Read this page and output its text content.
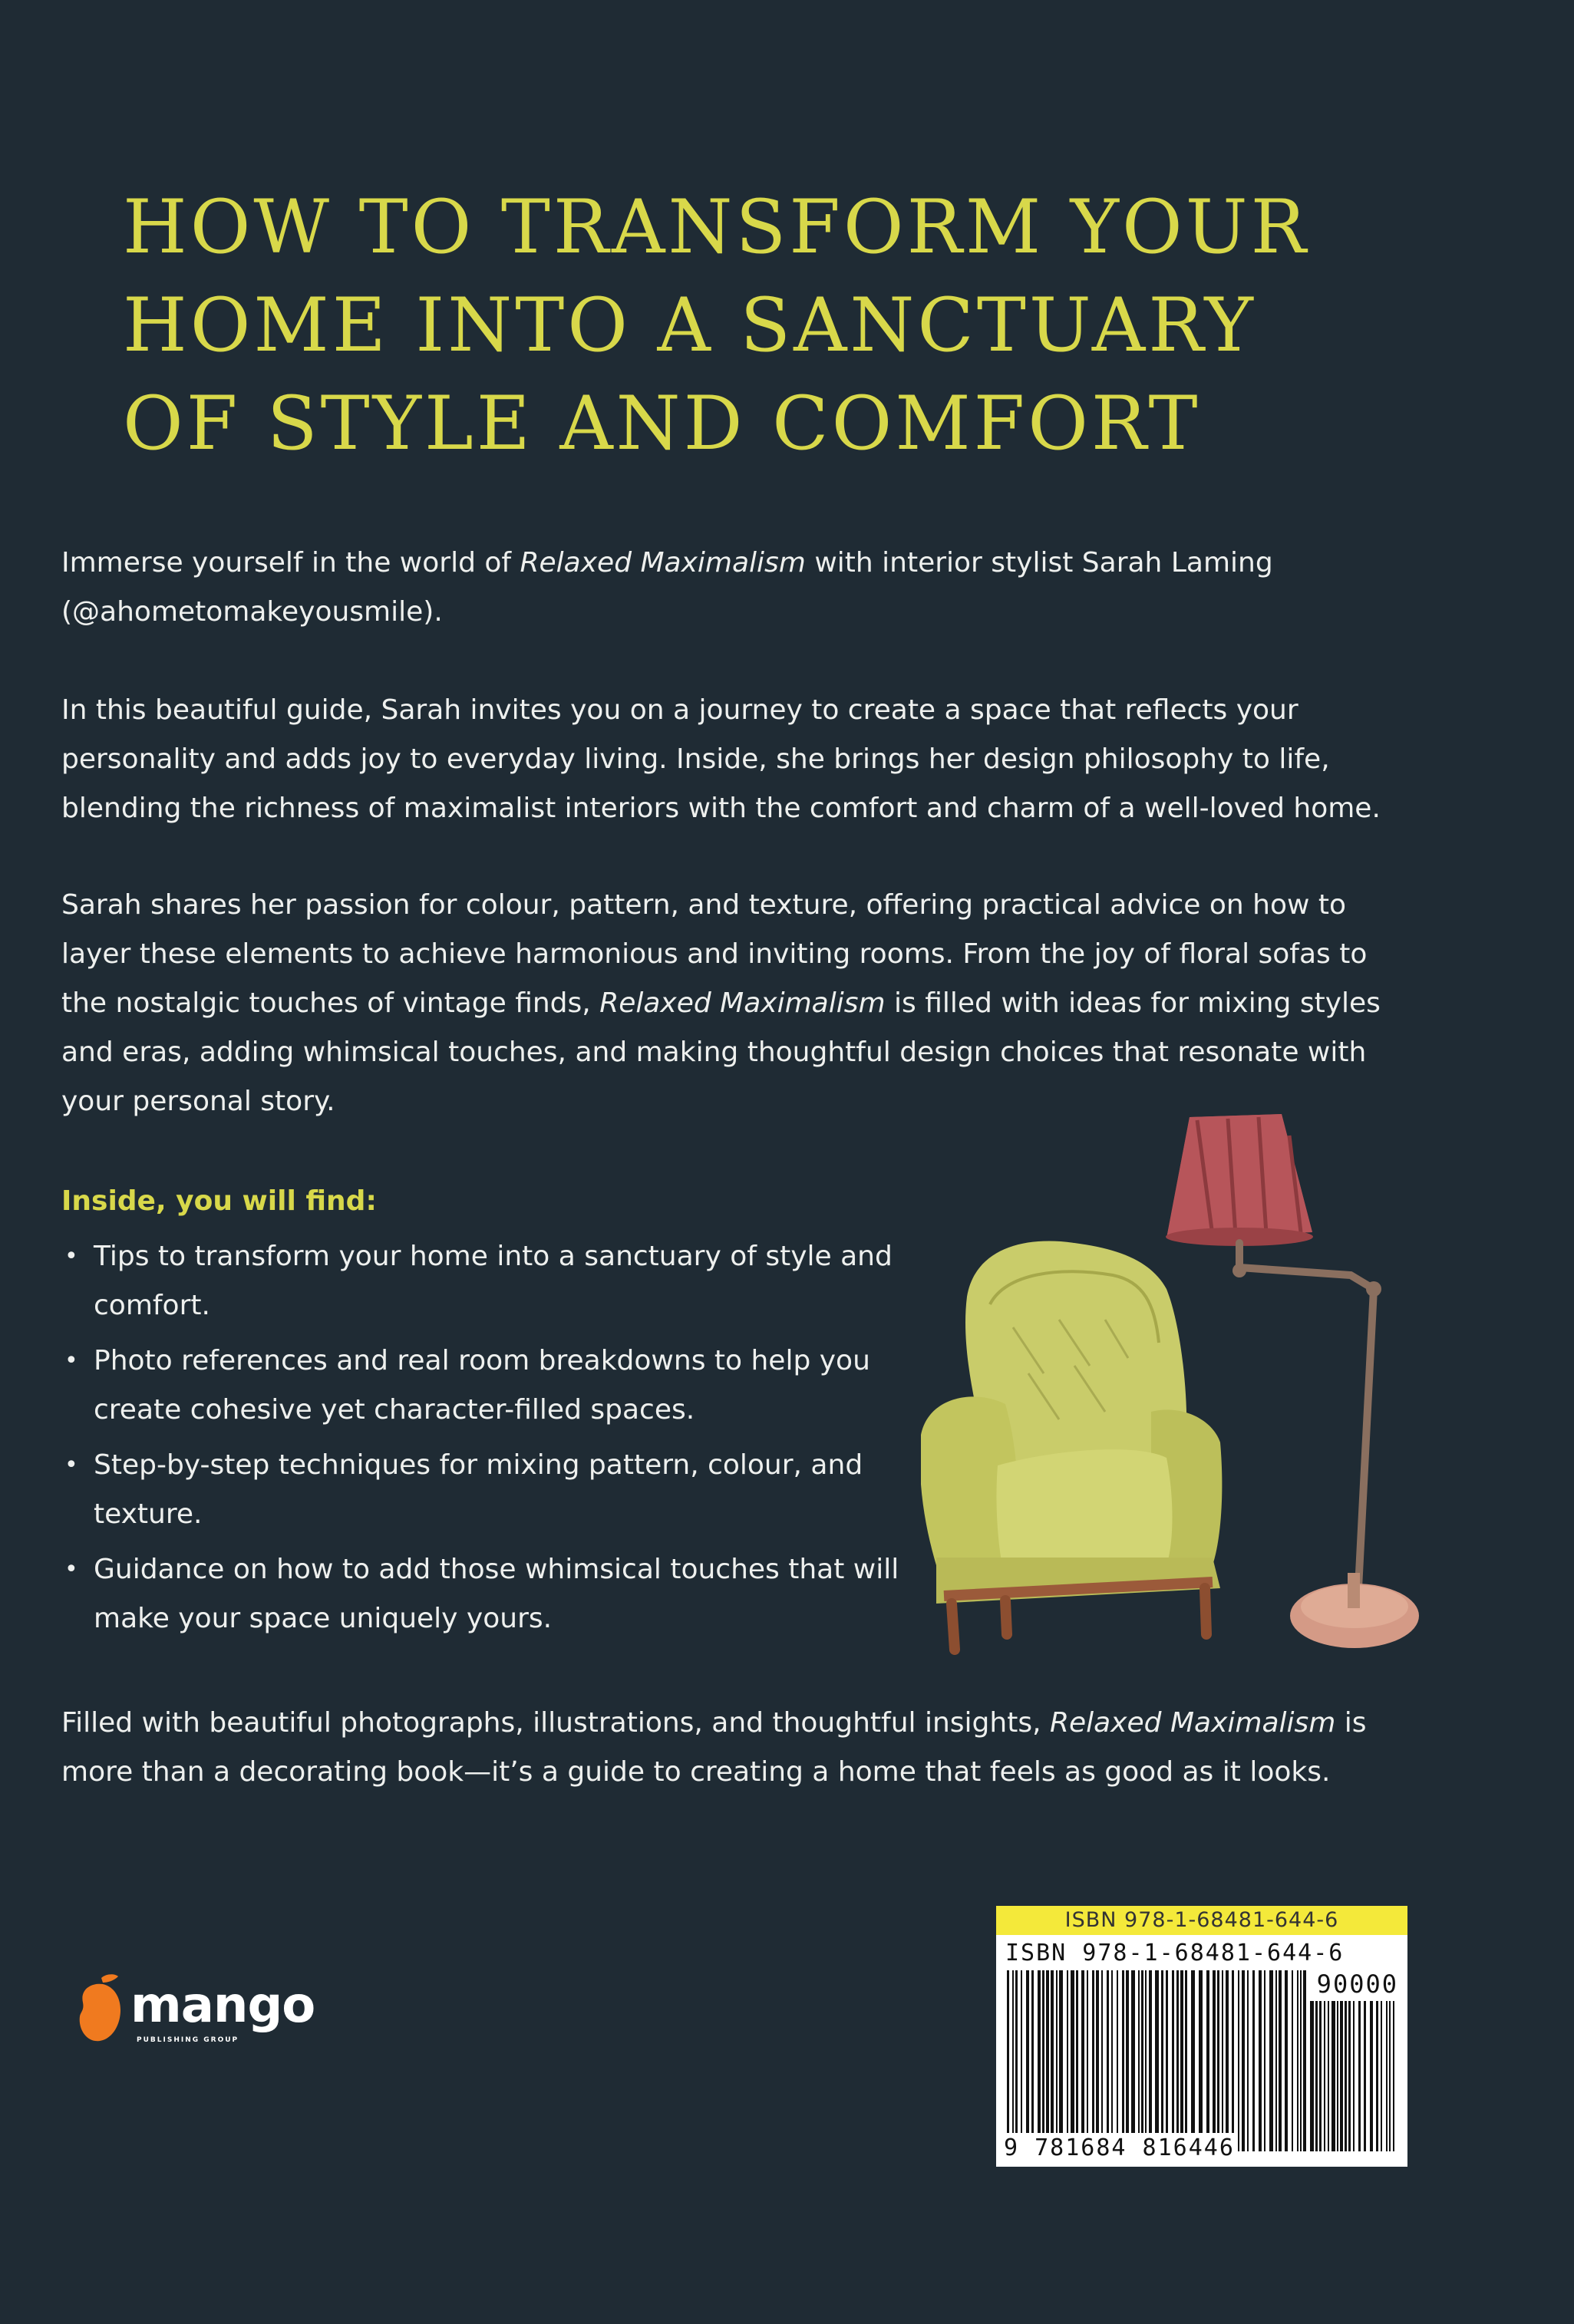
HOW TO TRANSFORM YOUR
HOME INTO A SANCTUARY
OF STYLE AND COMFORT

Immerse yourself in the world of Relaxed Maximalism with interior stylist Sarah Laming (@ahometomakeyousmile).

In this beautiful guide, Sarah invites you on a journey to create a space that reflects your personality and adds joy to everyday living. Inside, she brings her design philosophy to life, blending the richness of maximalist interiors with the comfort and charm of a well-loved home.

Sarah shares her passion for colour, pattern, and texture, offering practical advice on how to layer these elements to achieve harmonious and inviting rooms. From the joy of floral sofas to the nostalgic touches of vintage finds, Relaxed Maximalism is filled with ideas for mixing styles and eras, adding whimsical touches, and making thoughtful design choices that resonate with your personal story.

Inside, you will find:
• Tips to transform your home into a sanctuary of style and comfort.
• Photo references and real room breakdowns to help you create cohesive yet character-filled spaces.
• Step-by-step techniques for mixing pattern, colour, and texture.
• Guidance on how to add those whimsical touches that will make your space uniquely yours.

Filled with beautiful photographs, illustrations, and thoughtful insights, Relaxed Maximalism is more than a decorating book—it’s a guide to creating a home that feels as good as it looks.

mango
PUBLISHING GROUP
ISBN 978-1-68481-644-6
ISBN 978-1-68481-644-6
90000
9 781684 816446
